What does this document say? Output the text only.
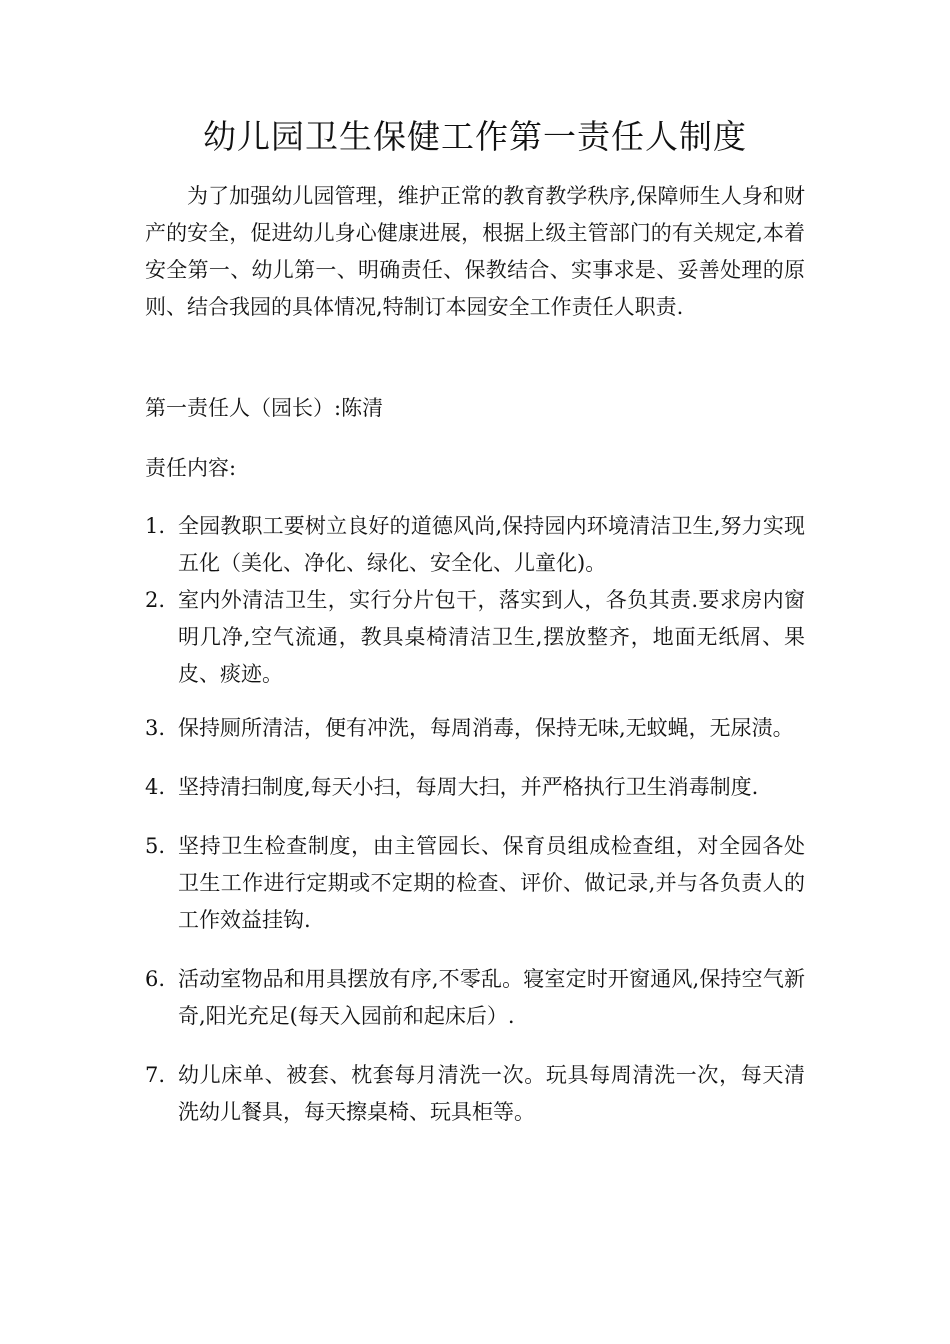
幼儿园卫生保健工作第一责任人制度

为了加强幼儿园管理，维护正常的教育教学秩序,保障师生人身和财产的安全，促进幼儿身心健康进展，根据上级主管部门的有关规定,本着安全第一、幼儿第一、明确责任、保教结合、实事求是、妥善处理的原则、结合我园的具体情况,特制订本园安全工作责任人职责.

第一责任人（园长）:陈清

责任内容:

1. 全园教职工要树立良好的道德风尚,保持园内环境清洁卫生,努力实现五化（美化、净化、绿化、安全化、儿童化)。
2. 室内外清洁卫生，实行分片包干，落实到人，各负其责.要求房内窗明几净,空气流通，教具桌椅清洁卫生,摆放整齐，地面无纸屑、果皮、痰迹。
3. 保持厕所清洁，便有冲洗，每周消毒，保持无味,无蚊蝇，无尿渍。
4. 坚持清扫制度,每天小扫，每周大扫，并严格执行卫生消毒制度.
5. 坚持卫生检查制度，由主管园长、保育员组成检查组，对全园各处卫生工作进行定期或不定期的检查、评价、做记录,并与各负责人的工作效益挂钩.
6. 活动室物品和用具摆放有序,不零乱。寝室定时开窗通风,保持空气新奇,阳光充足(每天入园前和起床后）.
7. 幼儿床单、被套、枕套每月清洗一次。玩具每周清洗一次，每天清洗幼儿餐具，每天擦桌椅、玩具柜等。
